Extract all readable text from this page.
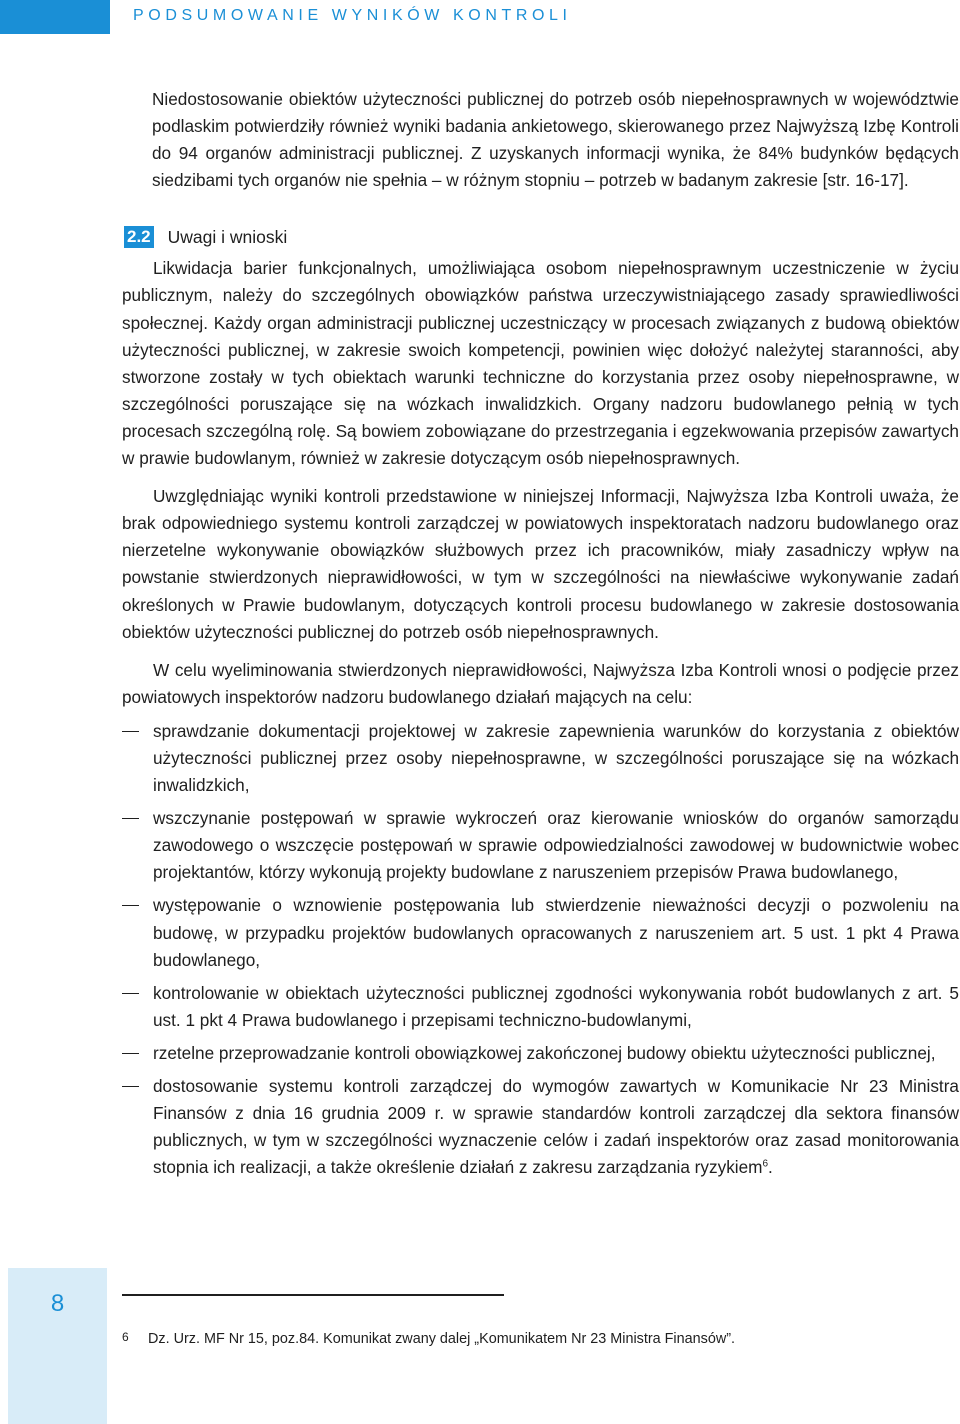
PODSUMOWANIE WYNIKÓW KONTROLI
8

Niedostosowanie obiektów użyteczności publicznej do potrzeb osób niepełnosprawnych w województwie podlaskim potwierdziły również wyniki badania ankietowego, skierowanego przez Najwyższą Izbę Kontroli do 94 organów administracji publicznej. Z uzyskanych informacji wynika, że 84% budynków będących siedzibami tych organów nie spełnia – w różnym stopniu – potrzeb w badanym zakresie [str. 16-17].

2.2 Uwagi i wnioski

Likwidacja barier funkcjonalnych, umożliwiająca osobom niepełnosprawnym uczestniczenie w życiu publicznym, należy do szczególnych obowiązków państwa urzeczywistniającego zasady sprawiedliwości społecznej. Każdy organ administracji publicznej uczestniczący w procesach związanych z budową obiektów użyteczności publicznej, w zakresie swoich kompetencji, powinien więc dołożyć należytej staranności, aby stworzone zostały w tych obiektach warunki techniczne do korzystania przez osoby niepełnosprawne, w szczególności poruszające się na wózkach inwalidzkich. Organy nadzoru budowlanego pełnią w tych procesach szczególną rolę. Są bowiem zobowiązane do przestrzegania i egzekwowania przepisów zawartych w prawie budowlanym, również w zakresie dotyczącym osób niepełnosprawnych.

Uwzględniając wyniki kontroli przedstawione w niniejszej Informacji, Najwyższa Izba Kontroli uważa, że brak odpowiedniego systemu kontroli zarządczej w powiatowych inspektoratach nadzoru budowlanego oraz nierzetelne wykonywanie obowiązków służbowych przez ich pracowników, miały zasadniczy wpływ na powstanie stwierdzonych nieprawidłowości, w tym w szczególności na niewłaściwe wykonywanie zadań określonych w Prawie budowlanym, dotyczących kontroli procesu budowlanego w zakresie dostosowania obiektów użyteczności publicznej do potrzeb osób niepełnosprawnych.

W celu wyeliminowania stwierdzonych nieprawidłowości, Najwyższa Izba Kontroli wnosi o podjęcie przez powiatowych inspektorów nadzoru budowlanego działań mających na celu:

sprawdzanie dokumentacji projektowej w zakresie zapewnienia warunków do korzystania z obiektów użyteczności publicznej przez osoby niepełnosprawne, w szczególności poruszające się na wózkach inwalidzkich,
wszczynanie postępowań w sprawie wykroczeń oraz kierowanie wniosków do organów samorządu zawodowego o wszczęcie postępowań w sprawie odpowiedzialności zawodowej w budownictwie wobec projektantów, którzy wykonują projekty budowlane z naruszeniem przepisów Prawa budowlanego,
występowanie o wznowienie postępowania lub stwierdzenie nieważności decyzji o pozwoleniu na budowę, w przypadku projektów budowlanych opracowanych z naruszeniem art. 5 ust. 1 pkt 4 Prawa budowlanego,
kontrolowanie w obiektach użyteczności publicznej zgodności wykonywania robót budowlanych z art. 5 ust. 1 pkt 4 Prawa budowlanego i przepisami techniczno-budowlanymi,
rzetelne przeprowadzanie kontroli obowiązkowej zakończonej budowy obiektu użyteczności publicznej,
dostosowanie systemu kontroli zarządczej do wymogów zawartych w Komunikacie Nr 23 Ministra Finansów z dnia 16 grudnia 2009 r. w sprawie standardów kontroli zarządczej dla sektora finansów publicznych, w tym w szczególności wyznaczenie celów i zadań inspektorów oraz zasad monitorowania stopnia ich realizacji, a także określenie działań z zakresu zarządzania ryzykiem$^6$.
6 Dz. Urz. MF Nr 15, poz.84. Komunikat zwany dalej „Komunikatem Nr 23 Ministra Finansów”.
